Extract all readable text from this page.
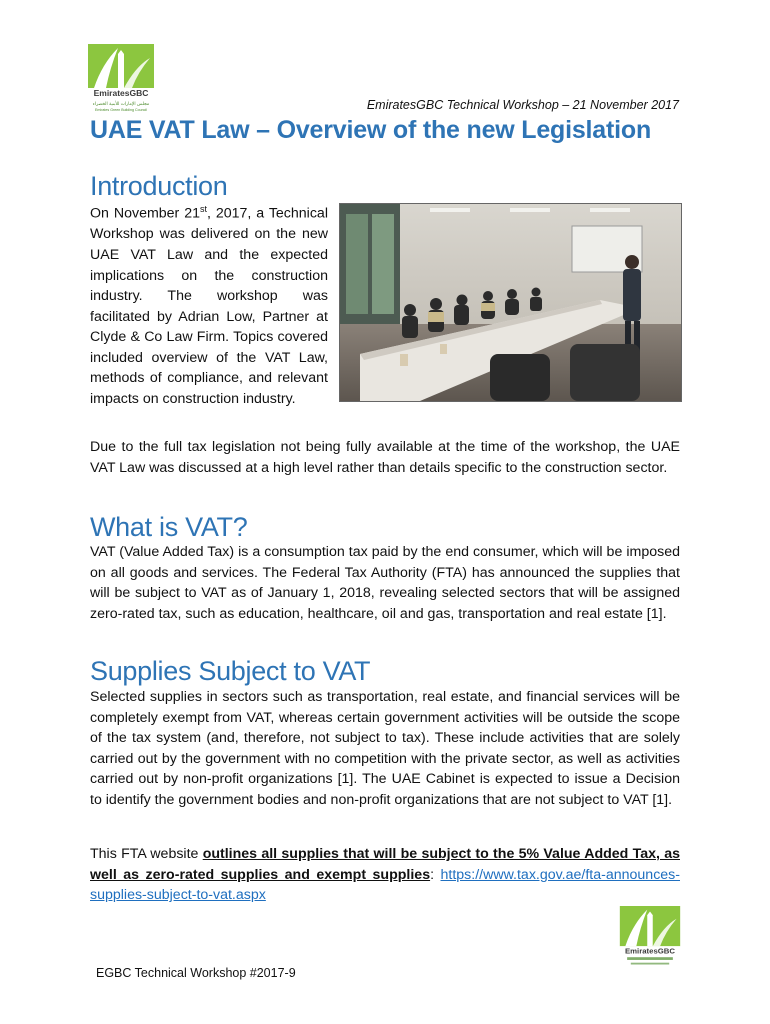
EmiratesGBC
مجلس الإمارات للأبنية الخضراء
Emirates Green Building Council	EmiratesGBC Technical Workshop – 21 November 2017
UAE VAT Law – Overview of the new Legislation
Introduction

On November 21st, 2017, a Technical Workshop was delivered on the new UAE VAT Law and the expected implications on the construction industry. The workshop was facilitated by Adrian Low, Partner at Clyde & Co Law Firm. Topics covered included overview of the VAT Law, methods of compliance, and relevant impacts on construction industry.

Due to the full tax legislation not being fully available at the time of the workshop, the UAE VAT Law was discussed at a high level rather than details specific to the construction sector.

What is VAT?

VAT (Value Added Tax) is a consumption tax paid by the end consumer, which will be imposed on all goods and services. The Federal Tax Authority (FTA) has announced the supplies that will be subject to VAT as of January 1, 2018, revealing selected sectors that will be assigned zero-rated tax, such as education, healthcare, oil and gas, transportation and real estate [1].

Supplies Subject to VAT

Selected supplies in sectors such as transportation, real estate, and financial services will be completely exempt from VAT, whereas certain government activities will be outside the scope of the tax system (and, therefore, not subject to tax). These include activities that are solely carried out by the government with no competition with the private sector, as well as activities carried out by non-profit organizations [1]. The UAE Cabinet is expected to issue a Decision to identify the government bodies and non-profit organizations that are not subject to VAT [1].

This FTA website outlines all supplies that will be subject to the 5% Value Added Tax, as well as zero-rated supplies and exempt supplies: https://www.tax.gov.ae/fta-announces-supplies-subject-to-vat.aspx

EmiratesGBC
EGBC Technical Workshop #2017-9
